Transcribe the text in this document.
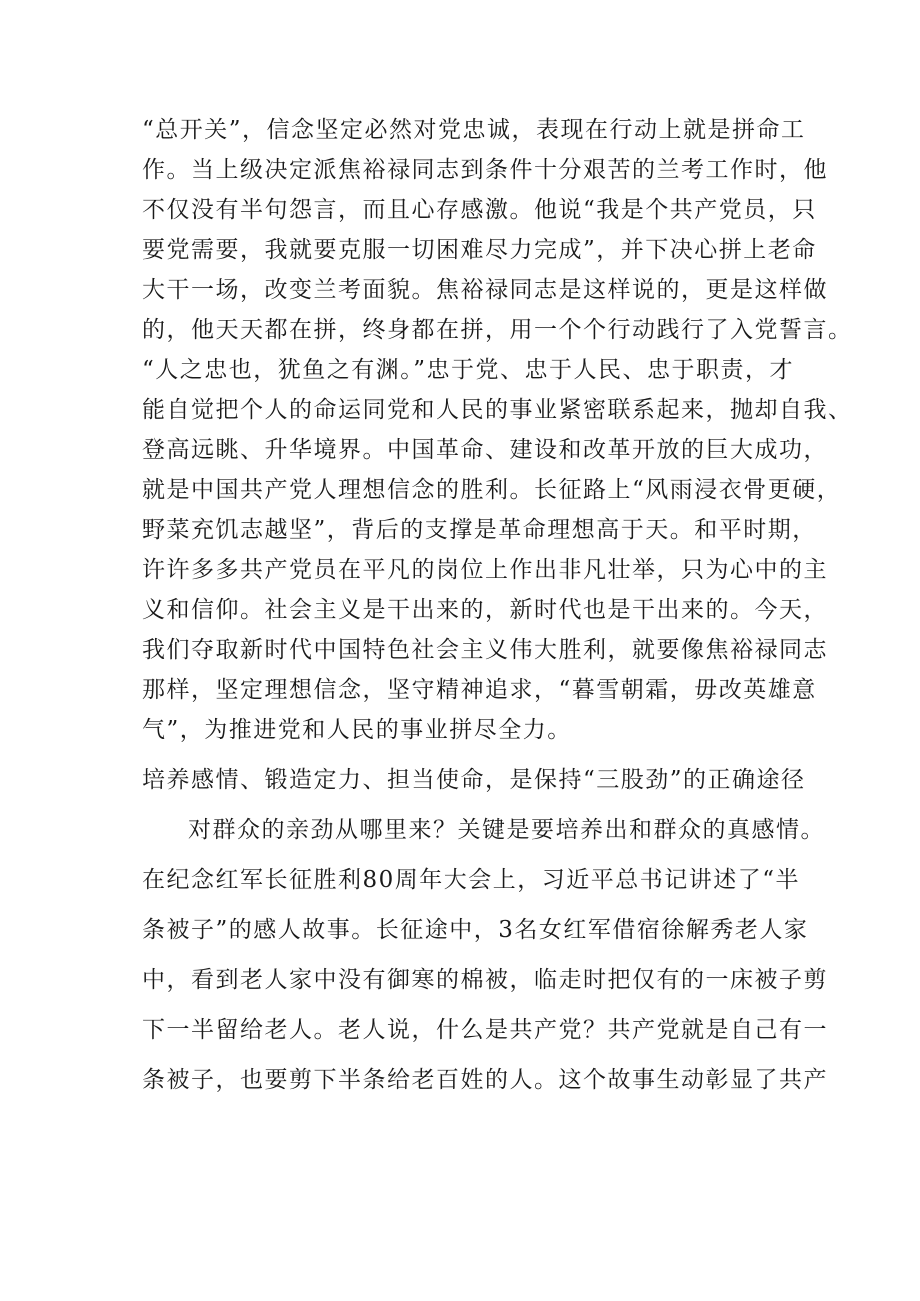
“总开关”，信念坚定必然对党忠诚，表现在行动上就是拼命工
作。当上级决定派焦裕禄同志到条件十分艰苦的兰考工作时，他
不仅没有半句怨言，而且心存感激。他说“我是个共产党员，只
要党需要，我就要克服一切困难尽力完成”，并下决心拼上老命
大干一场，改变兰考面貌。焦裕禄同志是这样说的，更是这样做
的，他天天都在拼，终身都在拼，用一个个行动践行了入党誓言。
“人之忠也，犹鱼之有渊。”忠于党、忠于人民、忠于职责，才
能自觉把个人的命运同党和人民的事业紧密联系起来，抛却自我、
登高远眺、升华境界。中国革命、建设和改革开放的巨大成功，
就是中国共产党人理想信念的胜利。长征路上“风雨浸衣骨更硬，
野菜充饥志越坚”，背后的支撑是革命理想高于天。和平时期，
许许多多共产党员在平凡的岗位上作出非凡壮举，只为心中的主
义和信仰。社会主义是干出来的，新时代也是干出来的。今天，
我们夺取新时代中国特色社会主义伟大胜利，就要像焦裕禄同志
那样，坚定理想信念，坚守精神追求，“暮雪朝霜，毋改英雄意
气”，为推进党和人民的事业拼尽全力。
培养感情、锻造定力、担当使命，是保持“三股劲”的正确途径
对群众的亲劲从哪里来？关键是要培养出和群众的真感情。
在纪念红军长征胜利80周年大会上，习近平总书记讲述了“半
条被子”的感人故事。长征途中，3名女红军借宿徐解秀老人家
中，看到老人家中没有御寒的棉被，临走时把仅有的一床被子剪
下一半留给老人。老人说，什么是共产党？共产党就是自己有一
条被子，也要剪下半条给老百姓的人。这个故事生动彰显了共产
